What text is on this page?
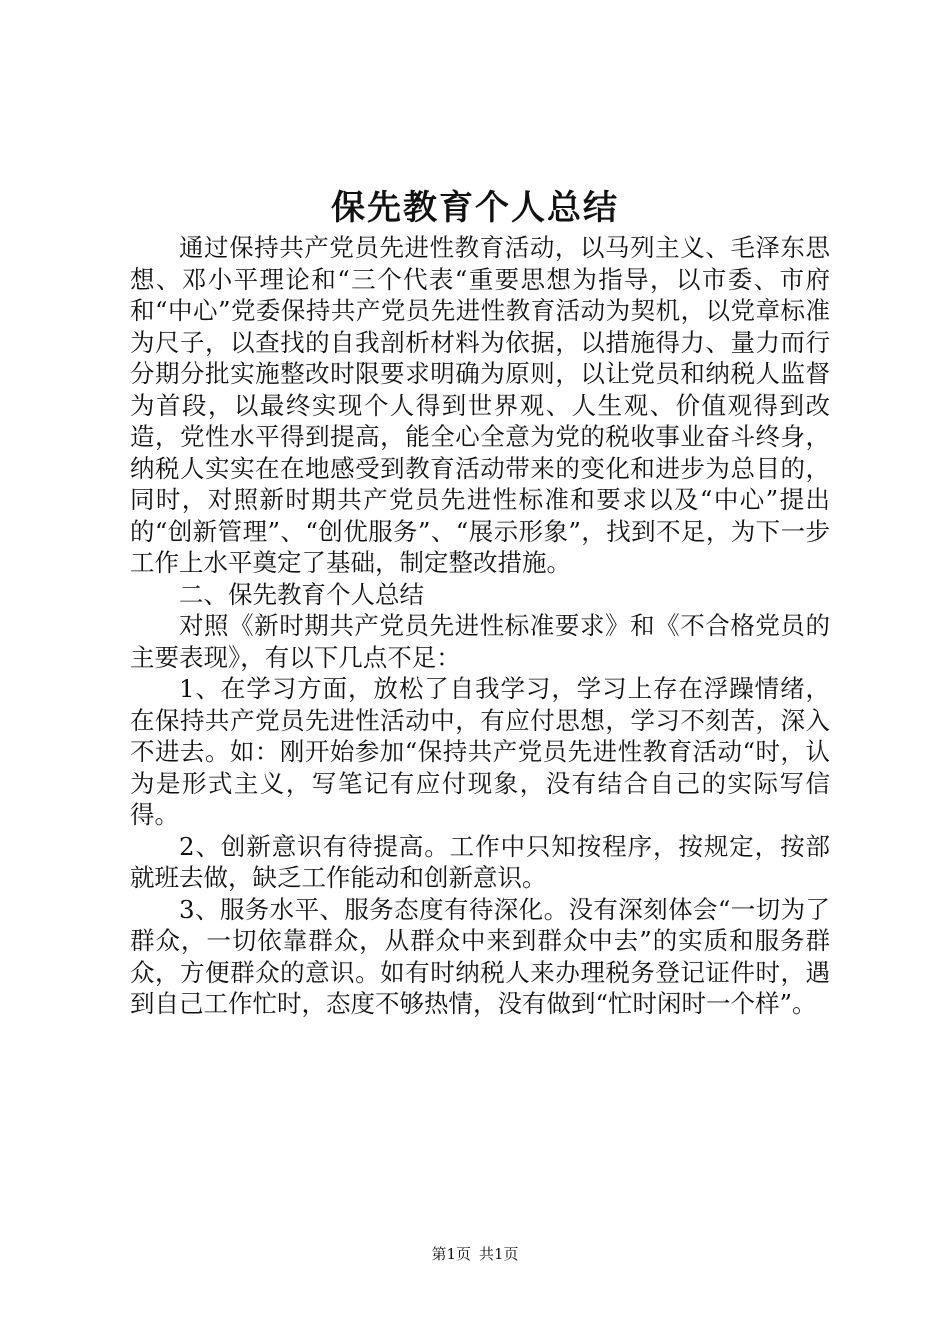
保先教育个人总结

通过保持共产党员先进性教育活动，以马列主义、毛泽东思想、邓小平理论和“三个代表“重要思想为指导，以市委、市府和“中心”党委保持共产党员先进性教育活动为契机，以党章标准为尺子，以查找的自我剖析材料为依据，以措施得力、量力而行分期分批实施整改时限要求明确为原则，以让党员和纳税人监督为首段，以最终实现个人得到世界观、人生观、价值观得到改造，党性水平得到提高，能全心全意为党的税收事业奋斗终身，纳税人实实在在地感受到教育活动带来的变化和进步为总目的，同时，对照新时期共产党员先进性标准和要求以及“中心”提出的“创新管理”、“创优服务”、“展示形象”，找到不足，为下一步工作上水平奠定了基础，制定整改措施。

二、保先教育个人总结

对照《新时期共产党员先进性标准要求》和《不合格党员的主要表现》，有以下几点不足：

1、在学习方面，放松了自我学习，学习上存在浮躁情绪，在保持共产党员先进性活动中，有应付思想，学习不刻苦，深入不进去。如：刚开始参加“保持共产党员先进性教育活动“时，认为是形式主义，写笔记有应付现象，没有结合自己的实际写信得。

2、创新意识有待提高。工作中只知按程序，按规定，按部就班去做，缺乏工作能动和创新意识。

3、服务水平、服务态度有待深化。没有深刻体会“一切为了群众，一切依靠群众，从群众中来到群众中去”的实质和服务群众，方便群众的意识。如有时纳税人来办理税务登记证件时，遇到自己工作忙时，态度不够热情，没有做到“忙时闲时一个样”。

第1页 共1页
